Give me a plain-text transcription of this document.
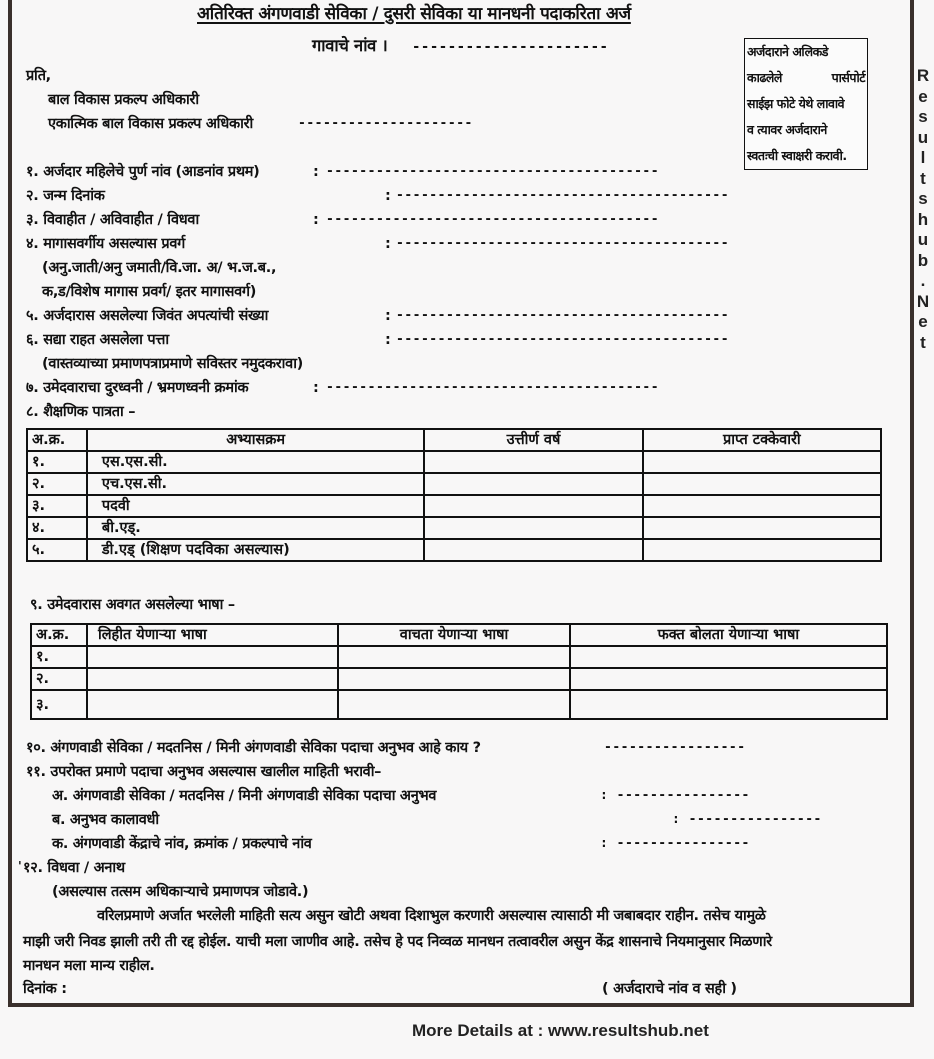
अतिरिक्त अंगणवाडी सेविका / दुसरी सेविका या मानधनी पदाकरिता अर्ज
गावाचे नांव । ----------------------	अर्जदाराने अलिकडे
काढलेले	पार्सपोर्ट
साईझ फोटे येथे लावावे
व त्यावर अर्जदाराने
स्वतःची स्वाक्षरी करावी.
प्रति,
बाल विकास प्रकल्प अधिकारी
एकात्मिक बाल विकास प्रकल्प अधिकारी	---------------------
१. अर्जदार महिलेचे पुर्ण नांव (आडनांव प्रथम)	: ----------------------------------------
२. जन्म दिनांक	: ----------------------------------------
३. विवाहीत / अविवाहीत / विधवा	: ----------------------------------------
४. मागासवर्गीय असल्यास प्रवर्ग	: ----------------------------------------
(अनु.जाती/अनु जमाती/वि.जा. अ/ भ.ज.ब.,
क,ड/विशेष मागास प्रवर्ग/ इतर मागासवर्ग)
५. अर्जदारास असलेल्या जिवंत अपत्यांची संख्या	: ----------------------------------------
६. सद्या राहत असलेला पत्ता	: ----------------------------------------
(वास्तव्याच्या प्रमाणपत्राप्रमाणे सविस्तर नमुदकरावा)
७. उमेदवाराचा दुरध्वनी / भ्रमणध्वनी क्रमांक	: ----------------------------------------
८. शैक्षणिक पात्रता –
अ.क्र.	अभ्यासक्रम	उत्तीर्ण वर्ष	प्राप्त टक्केवारी
१.	एस.एस.सी.		
२.	एच.एस.सी.		
३.	पदवी		
४.	बी.एड्.		
५.	डी.एड् (शिक्षण पदविका असल्यास)		
९. उमेदवारास अवगत असलेल्या भाषा –
अ.क्र.	लिहीत येणाऱ्या भाषा	वाचता येणाऱ्या भाषा	फक्त बोलता येणाऱ्या भाषा
१.			
२.			
३.			
१०. अंगणवाडी सेविका / मदतनिस / मिनी अंगणवाडी सेविका पदाचा अनुभव आहे काय ?	-----------------
११. उपरोक्त प्रमाणे पदाचा अनुभव असल्यास खालील माहिती भरावी–
अ. अंगणवाडी सेविका / मतदनिस / मिनी अंगणवाडी सेविका पदाचा अनुभव	: ----------------
ब. अनुभव कालावधी	: ----------------
क. अंगणवाडी केंद्राचे नांव, क्रमांक / प्रकल्पाचे नांव	: ----------------
' १२. विधवा / अनाथ
(असल्यास तत्सम अधिकाऱ्याचे प्रमाणपत्र जोडावे.)
वरिलप्रमाणे अर्जात भरलेली माहिती सत्य असुन खोटी अथवा दिशाभुल करणारी असल्यास त्यासाठी मी जबाबदार राहीन. तसेच यामुळे
माझी जरी निवड झाली तरी ती रद्द होईल. याची मला जाणीव आहे. तसेच हे पद निव्वळ मानधन तत्वावरील असुन केंद्र शासनाचे नियमानुसार मिळणारे
मानधन मला मान्य राहील.
दिनांक :	( अर्जदाराचे नांव व सही )
R
e
s
u
l
t
s
h
u
b
.
N
e
t
More Details at : www.resultshub.net
